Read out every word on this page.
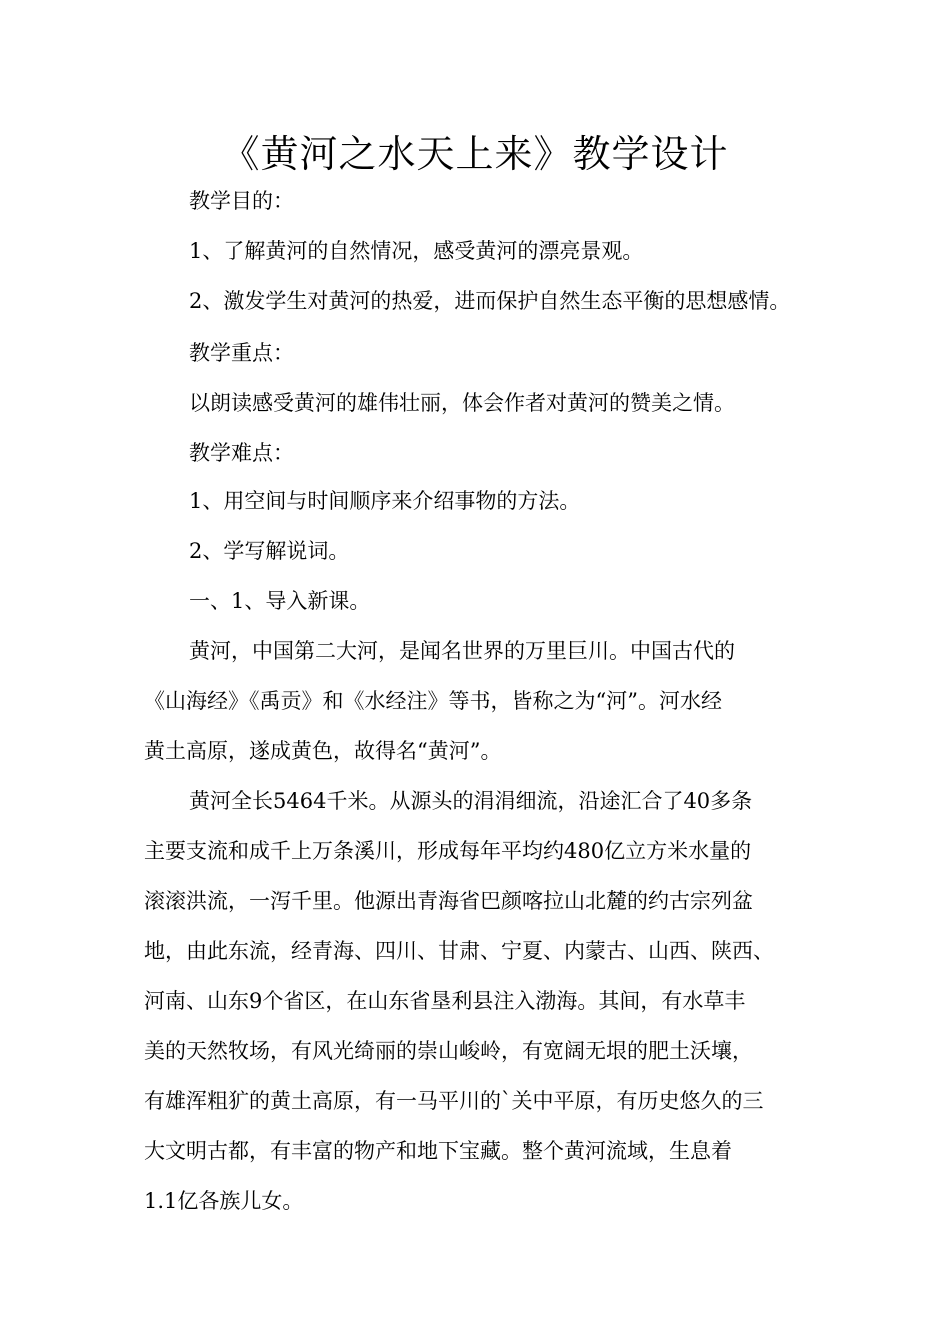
《黄河之水天上来》教学设计
教学目的：
1、了解黄河的自然情况，感受黄河的漂亮景观。
2、激发学生对黄河的热爱，进而保护自然生态平衡的思想感情。
教学重点：
以朗读感受黄河的雄伟壮丽，体会作者对黄河的赞美之情。
教学难点：
1、用空间与时间顺序来介绍事物的方法。
2、学写解说词。
一、1、导入新课。
黄河，中国第二大河，是闻名世界的万里巨川。中国古代的
《山海经》《禹贡》和《水经注》等书，皆称之为“河”。河水经
黄土高原，遂成黄色，故得名“黄河”。
黄河全长5464千米。从源头的涓涓细流，沿途汇合了40多条
主要支流和成千上万条溪川，形成每年平均约480亿立方米水量的
滚滚洪流，一泻千里。他源出青海省巴颜喀拉山北麓的约古宗列盆
地，由此东流，经青海、四川、甘肃、宁夏、内蒙古、山西、陕西、
河南、山东9个省区，在山东省垦利县注入渤海。其间，有水草丰
美的天然牧场，有风光绮丽的崇山峻岭，有宽阔无垠的肥土沃壤，
有雄浑粗犷的黄土高原，有一马平川的`关中平原，有历史悠久的三
大文明古都，有丰富的物产和地下宝藏。整个黄河流域，生息着
1.1亿各族儿女。
